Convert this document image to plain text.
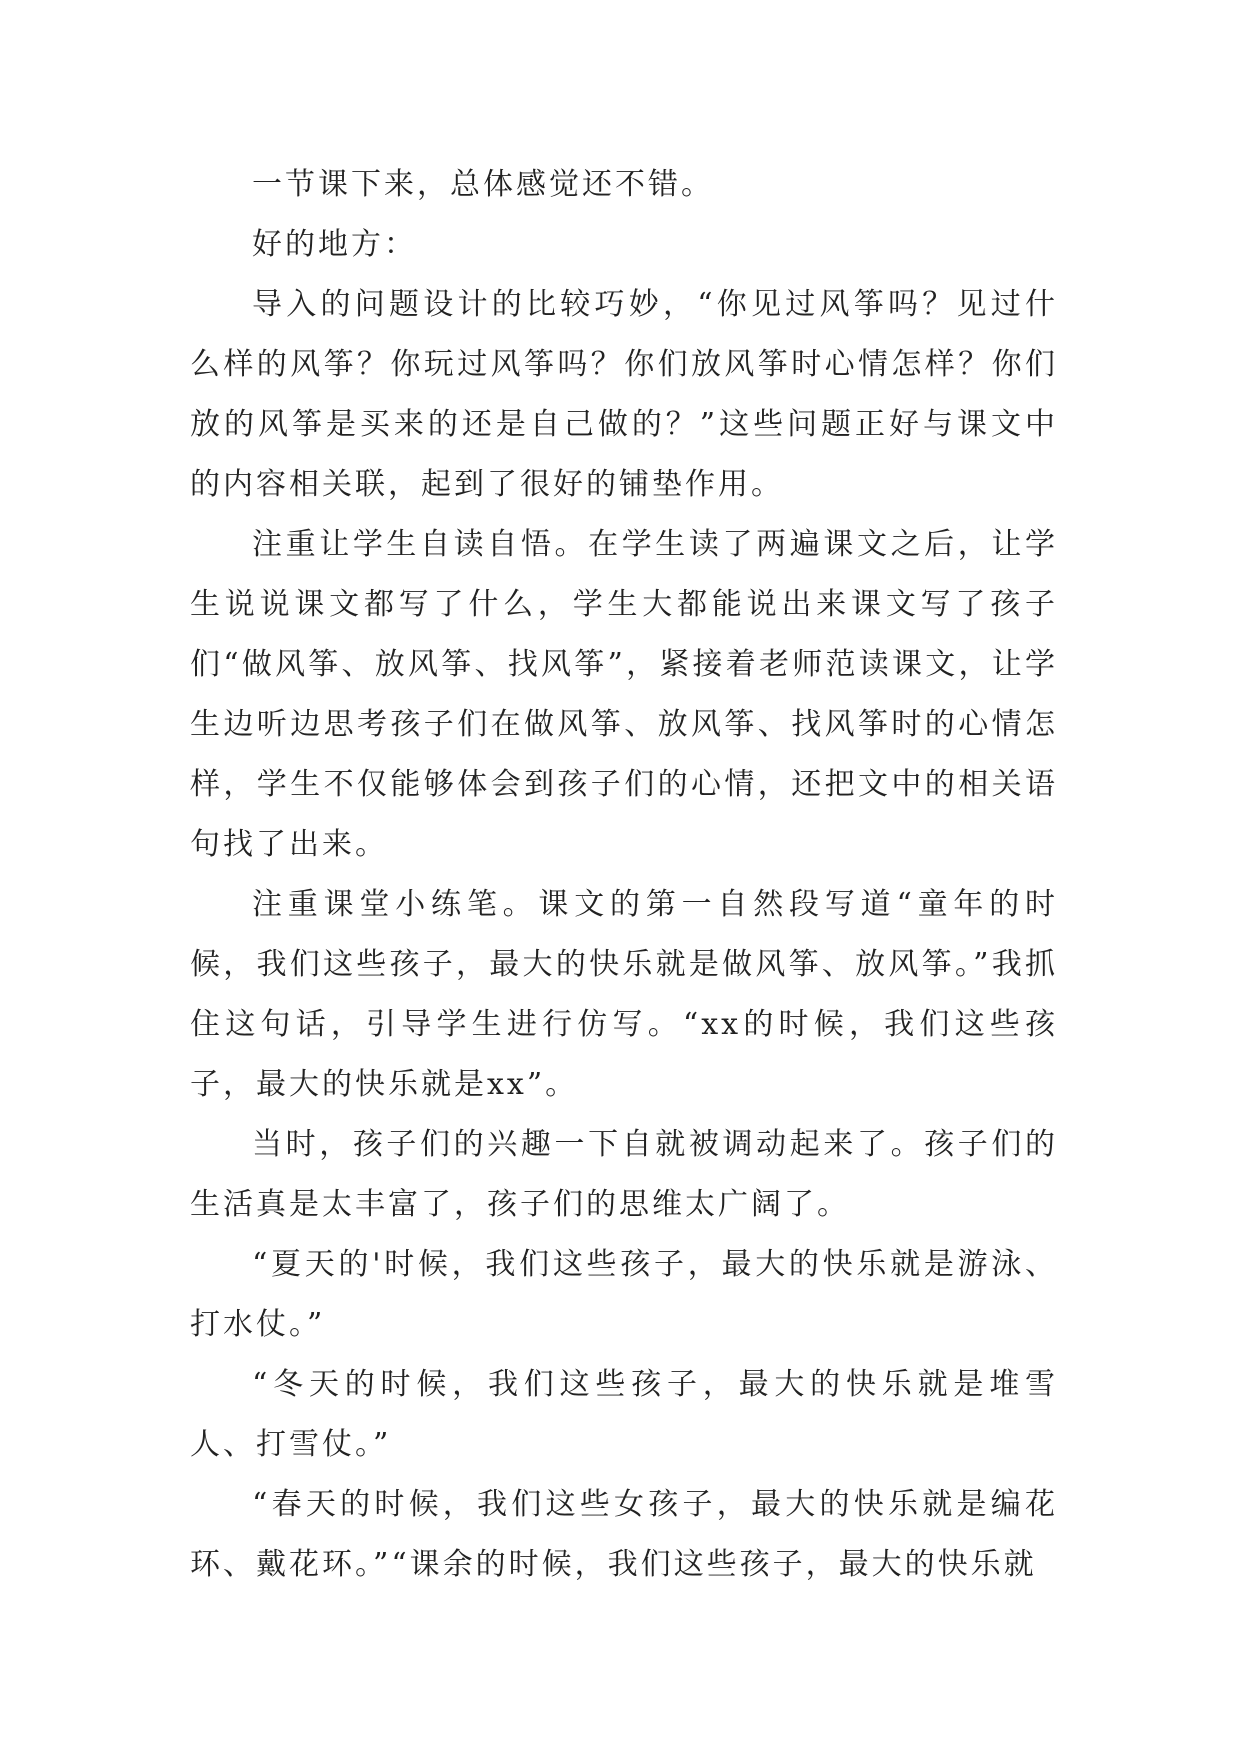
一节课下来，总体感觉还不错。

好的地方：

导入的问题设计的比较巧妙，“你见过风筝吗？见过什么样的风筝？你玩过风筝吗？你们放风筝时心情怎样？你们放的风筝是买来的还是自己做的？”这些问题正好与课文中的内容相关联，起到了很好的铺垫作用。

注重让学生自读自悟。在学生读了两遍课文之后，让学生说说课文都写了什么，学生大都能说出来课文写了孩子们“做风筝、放风筝、找风筝”，紧接着老师范读课文，让学生边听边思考孩子们在做风筝、放风筝、找风筝时的心情怎样，学生不仅能够体会到孩子们的心情，还把文中的相关语句找了出来。

注重课堂小练笔。课文的第一自然段写道“童年的时候，我们这些孩子，最大的快乐就是做风筝、放风筝。”我抓住这句话，引导学生进行仿写。“xx的时候，我们这些孩子，最大的快乐就是xx”。

当时，孩子们的兴趣一下自就被调动起来了。孩子们的生活真是太丰富了，孩子们的思维太广阔了。

“夏天的'时候，我们这些孩子，最大的快乐就是游泳、打水仗。”

“冬天的时候，我们这些孩子，最大的快乐就是堆雪人、打雪仗。”

“春天的时候，我们这些女孩子，最大的快乐就是编花环、戴花环。”“课余的时候，我们这些孩子，最大的快乐就
